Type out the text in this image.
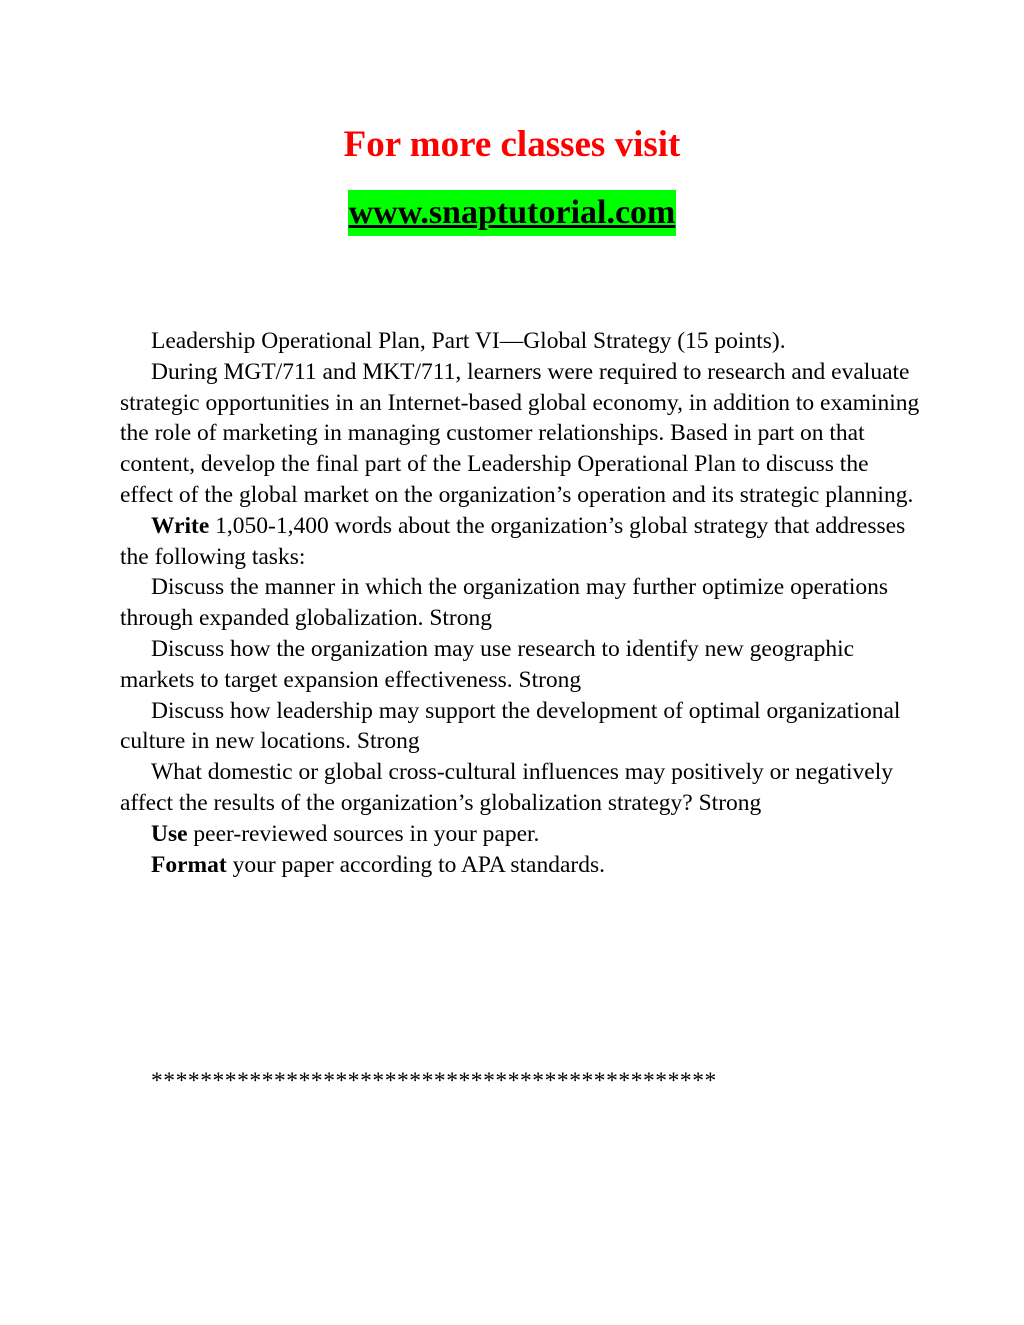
For more classes visit
www.snaptutorial.com

Leadership Operational Plan, Part VI—Global Strategy (15 points).

During MGT/711 and MKT/711, learners were required to research and evaluate strategic opportunities in an Internet-based global economy, in addition to examining the role of marketing in managing customer relationships. Based in part on that content, develop the final part of the Leadership Operational Plan to discuss the effect of the global market on the organization’s operation and its strategic planning.

Write 1,050-1,400 words about the organization’s global strategy that addresses the following tasks:

Discuss the manner in which the organization may further optimize operations through expanded globalization. Strong

Discuss how the organization may use research to identify new geographic markets to target expansion effectiveness. Strong

Discuss how leadership may support the development of optimal organizational culture in new locations. Strong

What domestic or global cross-cultural influences may positively or negatively affect the results of the organization’s globalization strategy? Strong

Use peer-reviewed sources in your paper.

Format your paper according to APA standards.

**********************************************
